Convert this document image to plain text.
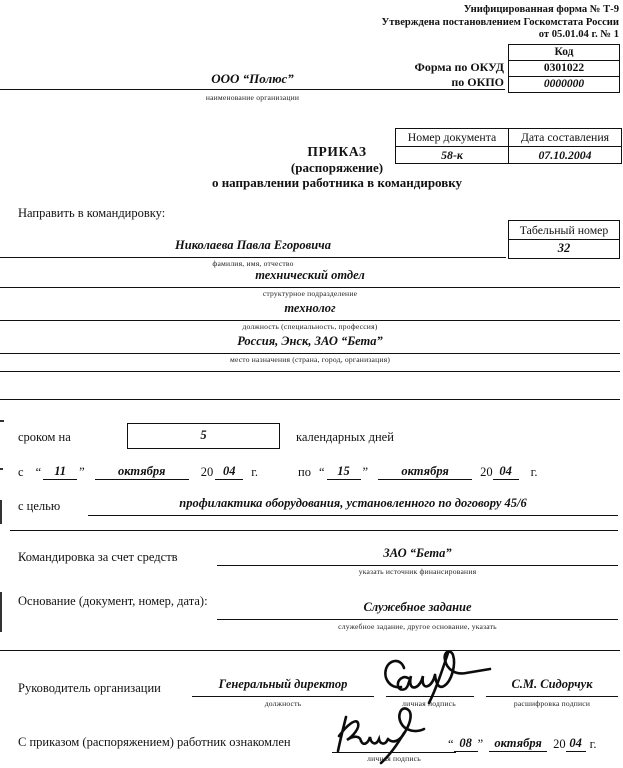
Унифицированная форма № Т-9
Утверждена постановлением Госкомстата России
от 05.01.04 г. № 1
Код
0301022
0000000
Форма по ОКУД
по ОКПО
ООО “Полюс”
наименование организации
Номер документа	Дата составления
58-к	07.10.2004
ПРИКАЗ
(распоряжение)
о направлении работника в командировку
Направить в командировку:
Табельный номер
32
Николаева Павла Егоровича
фамилия, имя, отчество
технический отдел
структурное подразделение
технолог
должность (специальность, профессия)
Россия, Энск, ЗАО “Бета”
место назначения (страна, город, организация)
сроком на	5	календарных дней
с “	11	”	октября	20 04	г.	по “	15	”	октября	20 04	г.
с целью	профилактика оборудования, установленного по договору 45/6
Командировка за счет средств	ЗАО “Бета”
указать источник финансирования
Основание (документ, номер, дата):	Служебное задание
служебное задание, другое основание, указать
Руководитель организации	Генеральный директор
должность	личная подпись
С.М. Сидорчук
расшифровка подписи
С приказом (распоряжением) работник ознакомлен
личная подпись
“ 08 ” октября 20 04 г.
